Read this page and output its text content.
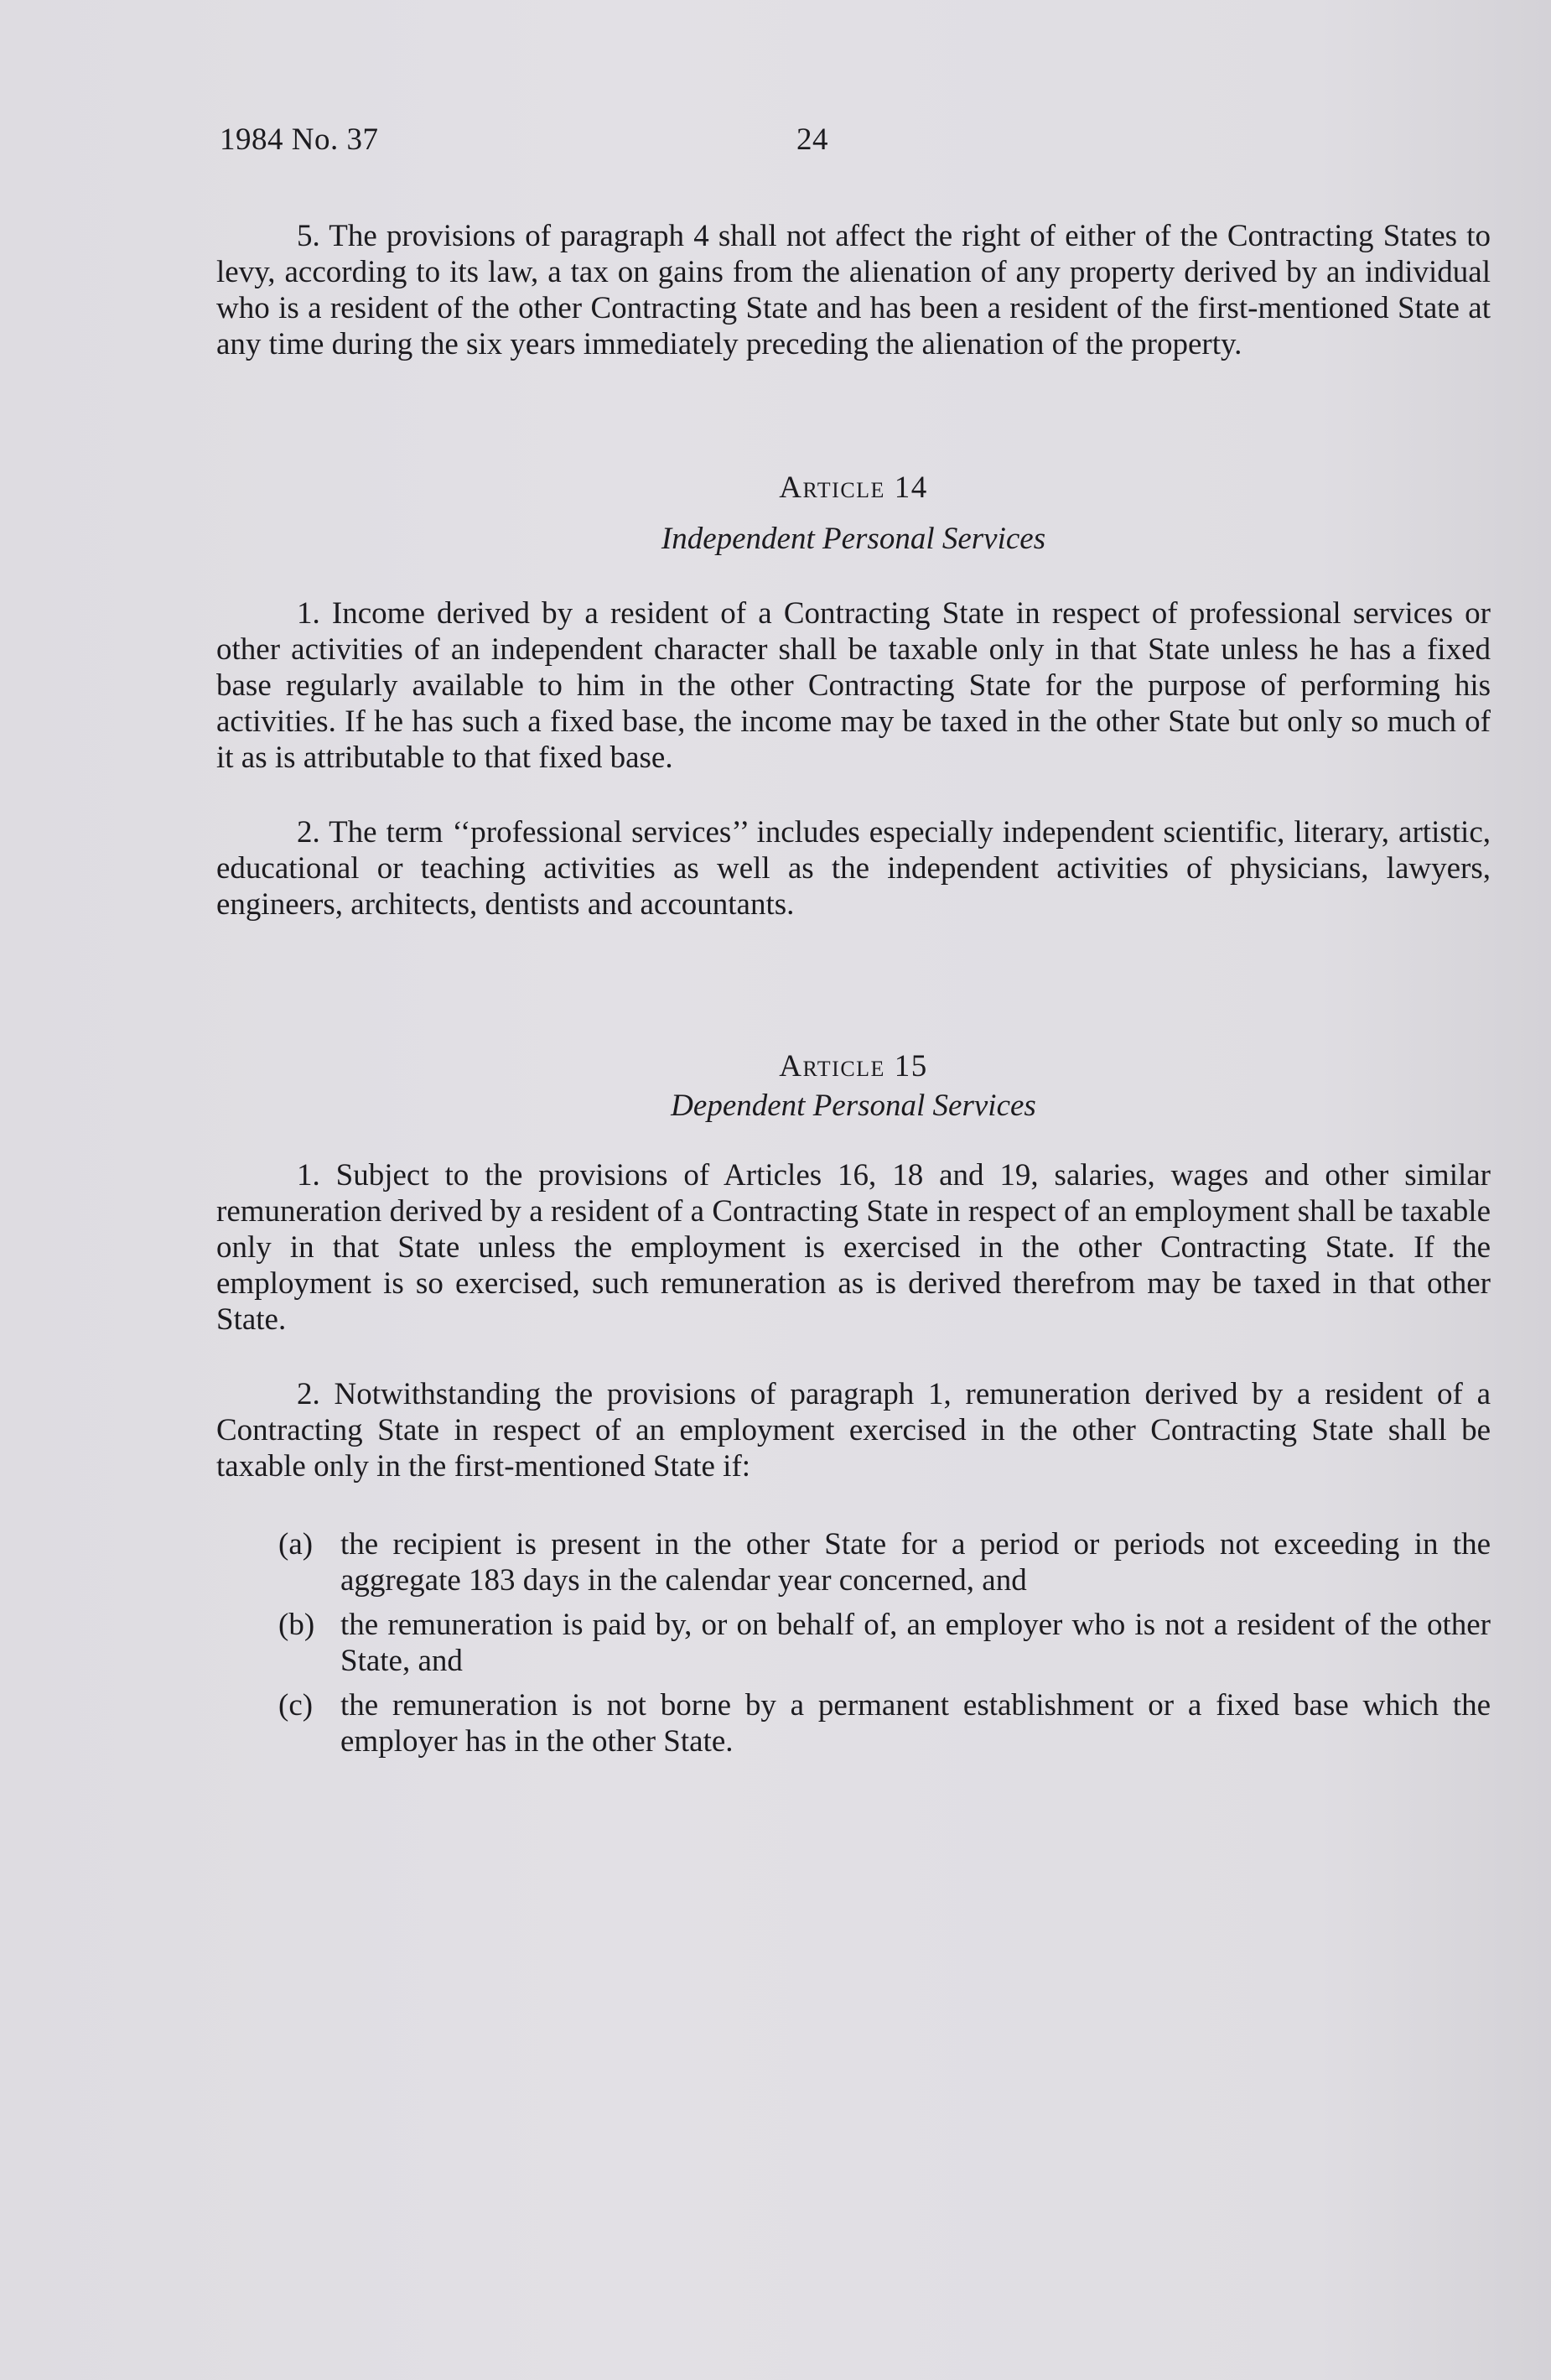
1984 No. 37	24

5. The provisions of paragraph 4 shall not affect the right of either of the Contracting States to levy, according to its law, a tax on gains from the alienation of any property derived by an individual who is a resident of the other Contracting State and has been a resident of the first-mentioned State at any time during the six years immediately preceding the alienation of the property.

Article 14
Independent Personal Services

1. Income derived by a resident of a Contracting State in respect of professional services or other activities of an independent character shall be taxable only in that State unless he has a fixed base regularly available to him in the other Contracting State for the purpose of performing his activities. If he has such a fixed base, the income may be taxed in the other State but only so much of it as is attributable to that fixed base.

2. The term ‘‘professional services’’ includes especially independent scientific, literary, artistic, educational or teaching activities as well as the independent activities of physicians, lawyers, engineers, architects, dentists and accountants.

Article 15
Dependent Personal Services

1. Subject to the provisions of Articles 16, 18 and 19, salaries, wages and other similar remuneration derived by a resident of a Contracting State in respect of an employment shall be taxable only in that State unless the employment is exercised in the other Contracting State. If the employment is so exercised, such remuneration as is derived therefrom may be taxed in that other State.

2. Notwithstanding the provisions of paragraph 1, remuneration derived by a resident of a Contracting State in respect of an employment exercised in the other Contracting State shall be taxable only in the first-mentioned State if:

(a) the recipient is present in the other State for a period or periods not exceeding in the aggregate 183 days in the calendar year concerned, and
(b) the remuneration is paid by, or on behalf of, an employer who is not a resident of the other State, and
(c) the remuneration is not borne by a permanent establishment or a fixed base which the employer has in the other State.
